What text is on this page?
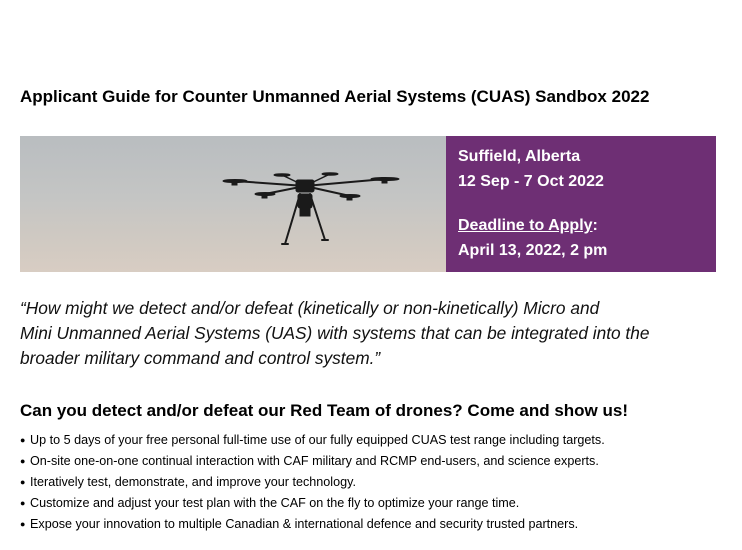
Applicant Guide for Counter Unmanned Aerial Systems (CUAS) Sandbox 2022
Suffield, Alberta
12 Sep - 7 Oct 2022
Deadline to Apply:
April 13, 2022, 2 pm
“How might we detect and/or defeat (kinetically or non-kinetically) Micro and
Mini Unmanned Aerial Systems (UAS) with systems that can be integrated into the
broader military command and control system.”
Can you detect and/or defeat our Red Team of drones? Come and show us!
● Up to 5 days of your free personal full-time use of our fully equipped CUAS test range including targets.
● On-site one-on-one continual interaction with CAF military and RCMP end-users, and science experts.
● Iteratively test, demonstrate, and improve your technology.
● Customize and adjust your test plan with the CAF on the fly to optimize your range time.
● Expose your innovation to multiple Canadian & international defence and security trusted partners.
